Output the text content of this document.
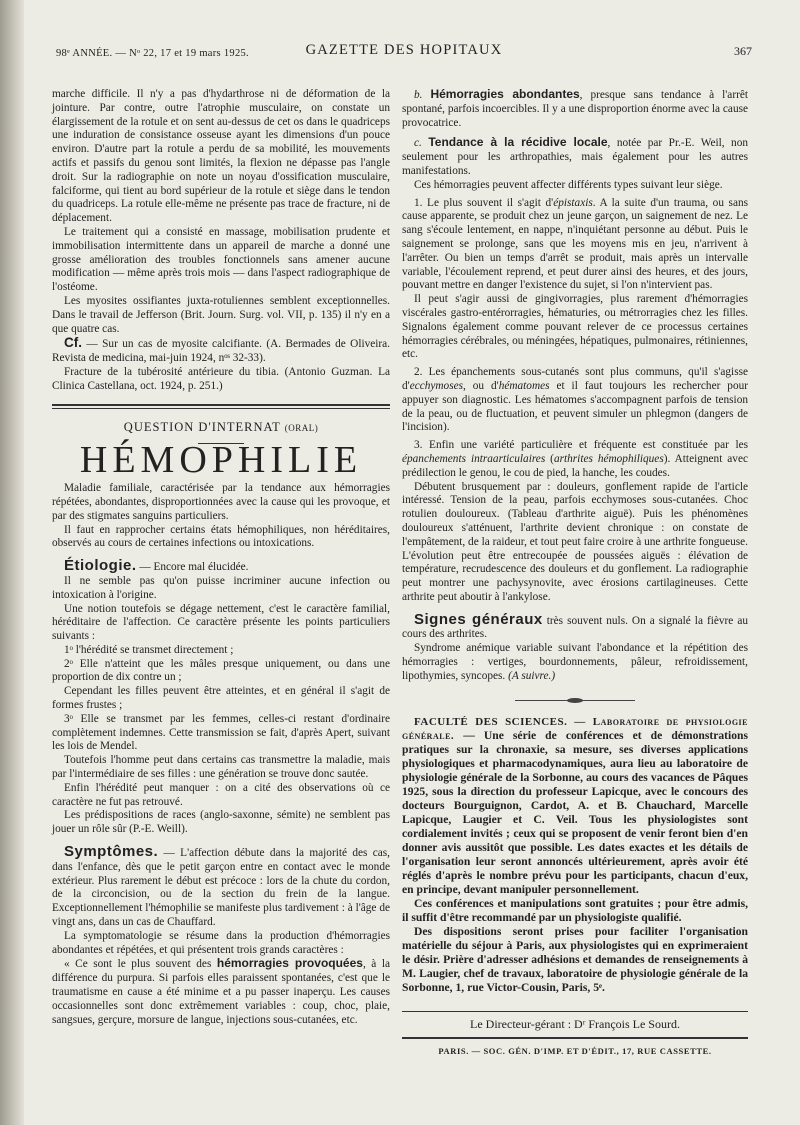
98ᵉ ANNÉE. — Nᵒ 22, 17 et 19 mars 1925.	GAZETTE DES HOPITAUX	367

marche difficile. Il n'y a pas d'hydarthrose ni de déformation de la jointure. Par contre, outre l'atrophie musculaire, on constate un élargissement de la rotule et on sent au-dessus de cet os dans le quadriceps une induration de consistance osseuse ayant les dimensions d'un pouce environ. D'autre part la rotule a perdu de sa mobilité, les mouvements actifs et passifs du genou sont limités, la flexion ne dépasse pas l'angle droit. Sur la radiographie on note un noyau d'ossification musculaire, falciforme, qui tient au bord supérieur de la rotule et siège dans le tendon du quadriceps. La rotule elle-même ne présente pas trace de fracture, ni de déplacement.

Le traitement qui a consisté en massage, mobilisation prudente et immobilisation intermittente dans un appareil de marche a donné une grosse amélioration des troubles fonctionnels sans amener aucune modification — même après trois mois — dans l'aspect radiographique de l'ostéome.

Les myosites ossifiantes juxta-rotuliennes semblent exceptionnelles. Dans le travail de Jefferson (Brit. Journ. Surg. vol. VII, p. 135) il n'y en a que quatre cas.

Cf. — Sur un cas de myosite calcifiante. (A. Bermades de Oliveira. Revista de medicina, mai-juin 1924, nᵒˢ 32-33).

Fracture de la tubérosité antérieure du tibia. (Antonio Guzman. La Clinica Castellana, oct. 1924, p. 251.)

QUESTION D'INTERNAT (ORAL)

HÉMOPHILIE

Maladie familiale, caractérisée par la tendance aux hémorragies répétées, abondantes, disproportionnées avec la cause qui les provoque, et par des stigmates sanguins particuliers.

Il faut en rapprocher certains états hémophiliques, non héréditaires, observés au cours de certaines infections ou intoxications.

Étiologie. — Encore mal élucidée.

Il ne semble pas qu'on puisse incriminer aucune infection ou intoxication à l'origine.

Une notion toutefois se dégage nettement, c'est le caractère familial, héréditaire de l'affection. Ce caractère présente les points particuliers suivants :

1ᵒ l'hérédité se transmet directement ;

2ᵒ Elle n'atteint que les mâles presque uniquement, ou dans une proportion de dix contre un ;

Cependant les filles peuvent être atteintes, et en général il s'agit de formes frustes ;

3ᵒ Elle se transmet par les femmes, celles-ci restant d'ordinaire complètement indemnes. Cette transmission se fait, d'après Apert, suivant les lois de Mendel.

Toutefois l'homme peut dans certains cas transmettre la maladie, mais par l'intermédiaire de ses filles : une génération se trouve donc sautée.

Enfin l'hérédité peut manquer : on a cité des observations où ce caractère ne fut pas retrouvé.

Les prédispositions de races (anglo-saxonne, sémite) ne semblent pas jouer un rôle sûr (P.-E. Weill).

Symptômes. — L'affection débute dans la majorité des cas, dans l'enfance, dès que le petit garçon entre en contact avec le monde extérieur. Plus rarement le début est précoce : lors de la chute du cordon, de la circoncision, ou de la section du frein de la langue. Exceptionnellement l'hémophilie se manifeste plus tardivement : à l'âge de vingt ans, dans un cas de Chauffard.

La symptomatologie se résume dans la production d'hémorragies abondantes et répétées, et qui présentent trois grands caractères :

« Ce sont le plus souvent des hémorragies provoquées, à la différence du purpura. Si parfois elles paraissent spontanées, c'est que le traumatisme en cause a été minime et a pu passer inaperçu. Les causes occasionnelles sont donc extrêmement variables : coup, choc, plaie, sangsues, gerçure, morsure de langue, injections sous-cutanées, etc.

b. Hémorragies abondantes, presque sans tendance à l'arrêt spontané, parfois incoercibles. Il y a une disproportion énorme avec la cause provocatrice.

c. Tendance à la récidive locale, notée par Pr.-E. Weil, non seulement pour les arthropathies, mais également pour les autres manifestations.

Ces hémorragies peuvent affecter différents types suivant leur siège.

1. Le plus souvent il s'agit d'épistaxis. A la suite d'un trauma, ou sans cause apparente, se produit chez un jeune garçon, un saignement de nez. Le sang s'écoule lentement, en nappe, n'inquiétant personne au début. Puis le saignement se prolonge, sans que les moyens mis en jeu, n'arrivent à l'arrêter. Ou bien un temps d'arrêt se produit, mais après un intervalle variable, l'écoulement reprend, et peut durer ainsi des heures, et des jours, pouvant mettre en danger l'existence du sujet, si l'on n'intervient pas.

Il peut s'agir aussi de gingivorragies, plus rarement d'hémorragies viscérales gastro-entérorragies, hématuries, ou métrorragies chez les filles. Signalons également comme pouvant relever de ce processus certaines hémorragies cérébrales, ou méningées, hépatiques, pulmonaires, rétiniennes, etc.

2. Les épanchements sous-cutanés sont plus communs, qu'il s'agisse d'ecchymoses, ou d'hématomes et il faut toujours les rechercher pour appuyer son diagnostic. Les hématomes s'accompagnent parfois de tension de la peau, ou de fluctuation, et peuvent simuler un phlegmon (dangers de l'incision).

3. Enfin une variété particulière et fréquente est constituée par les épanchements intraarticulaires (arthrites hémophiliques). Atteignent avec prédilection le genou, le cou de pied, la hanche, les coudes.

Débutent brusquement par : douleurs, gonflement rapide de l'article intéressé. Tension de la peau, parfois ecchymoses sous-cutanées. Choc rotulien douloureux. (Tableau d'arthrite aiguë). Puis les phénomènes douloureux s'atténuent, l'arthrite devient chronique : on constate de l'empâtement, de la raideur, et tout peut faire croire à une arthrite fongueuse. L'évolution peut être entrecoupée de poussées aiguës : élévation de température, recrudescence des douleurs et du gonflement. La radiographie peut montrer une pachysynovite, avec érosions cartilagineuses. Cette arthrite peut aboutir à l'ankylose.

Signes généraux très souvent nuls. On a signalé la fièvre au cours des arthrites.

Syndrome anémique variable suivant l'abondance et la répétition des hémorragies : vertiges, bourdonnements, pâleur, refroidissement, lipothymies, syncopes. (A suivre.)

FACULTÉ DES SCIENCES. — Laboratoire de physiologie générale. — Une série de conférences et de démonstrations pratiques sur la chronaxie, sa mesure, ses diverses applications physiologiques et pharmacodynamiques, aura lieu au laboratoire de physiologie générale de la Sorbonne, au cours des vacances de Pâques 1925, sous la direction du professeur Lapicque, avec le concours des docteurs Bourguignon, Cardot, A. et B. Chauchard, Marcelle Lapicque, Laugier et C. Veil. Tous les physiologistes sont cordialement invités ; ceux qui se proposent de venir feront bien d'en donner avis aussitôt que possible. Les dates exactes et les détails de l'organisation leur seront annoncés ultérieurement, après avoir été réglés d'après le nombre prévu pour les participants, chacun d'eux, en principe, devant manipuler personnellement.

Ces conférences et manipulations sont gratuites ; pour être admis, il suffit d'être recommandé par un physiologiste qualifié.

Des dispositions seront prises pour faciliter l'organisation matérielle du séjour à Paris, aux physiologistes qui en exprimeraient le désir. Prière d'adresser adhésions et demandes de renseignements à M. Laugier, chef de travaux, laboratoire de physiologie générale de la Sorbonne, 1, rue Victor-Cousin, Paris, 5ᵉ.

Le Directeur-gérant : Dʳ François Le Sourd.

PARIS. — SOC. GÉN. D'IMP. ET D'ÉDIT., 17, RUE CASSETTE.
